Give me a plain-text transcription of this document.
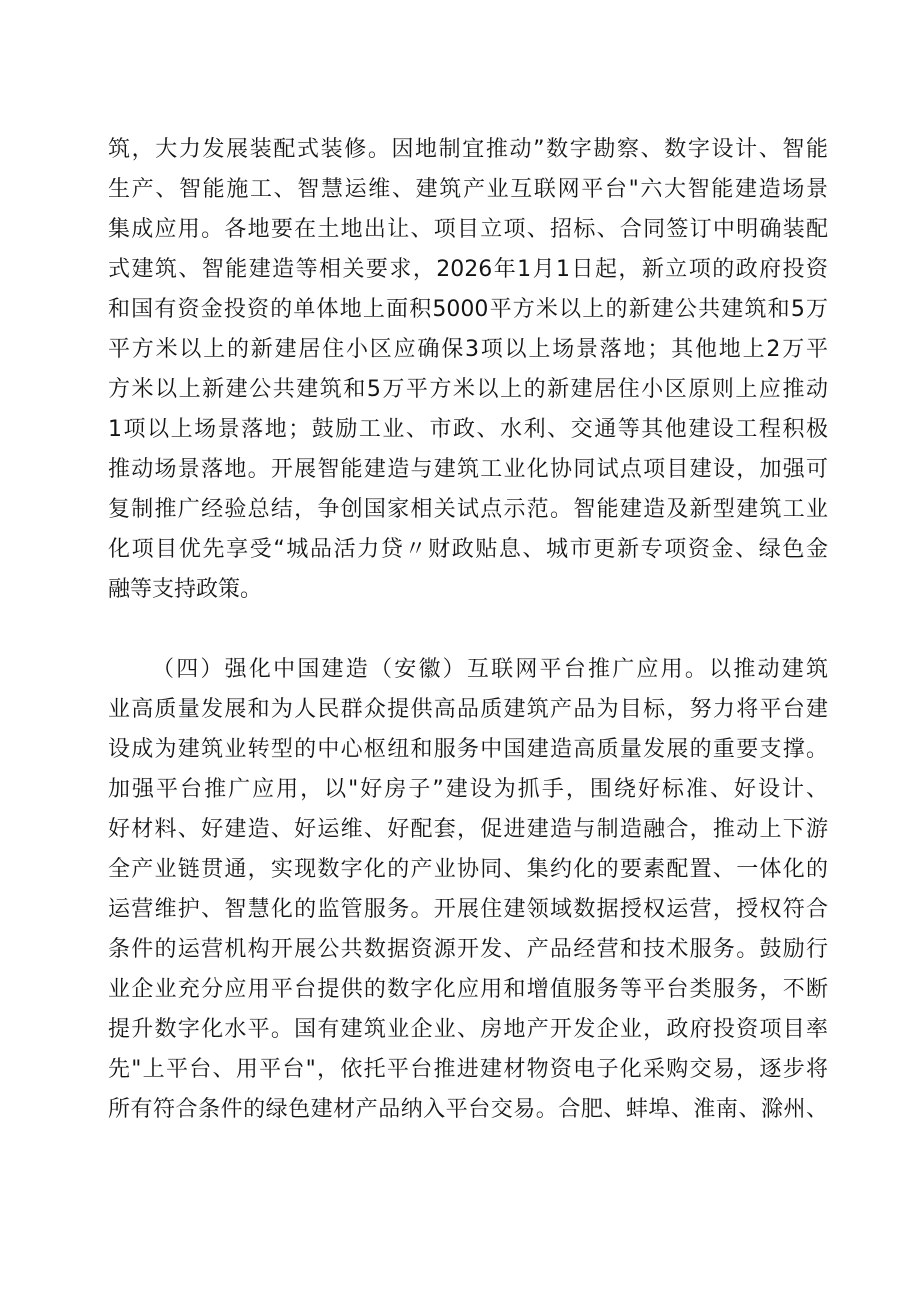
筑，大力发展装配式装修。因地制宜推动”数字勘察、数字设计、智能
生产、智能施工、智慧运维、建筑产业互联网平台"六大智能建造场景
集成应用。各地要在土地出让、项目立项、招标、合同签订中明确装配
式建筑、智能建造等相关要求，2026年1月1日起，新立项的政府投资
和国有资金投资的单体地上面积5000平方米以上的新建公共建筑和5万
平方米以上的新建居住小区应确保3项以上场景落地；其他地上2万平
方米以上新建公共建筑和5万平方米以上的新建居住小区原则上应推动
1项以上场景落地；鼓励工业、市政、水利、交通等其他建设工程积极
推动场景落地。开展智能建造与建筑工业化协同试点项目建设，加强可
复制推广经验总结，争创国家相关试点示范。智能建造及新型建筑工业
化项目优先享受“城品活力贷〃财政贴息、城市更新专项资金、绿色金
融等支持政策。
（四）强化中国建造（安徽）互联网平台推广应用。以推动建筑
业高质量发展和为人民群众提供高品质建筑产品为目标，努力将平台建
设成为建筑业转型的中心枢纽和服务中国建造高质量发展的重要支撑。
加强平台推广应用，以"好房子”建设为抓手，围绕好标准、好设计、
好材料、好建造、好运维、好配套，促进建造与制造融合，推动上下游
全产业链贯通，实现数字化的产业协同、集约化的要素配置、一体化的
运营维护、智慧化的监管服务。开展住建领域数据授权运营，授权符合
条件的运营机构开展公共数据资源开发、产品经营和技术服务。鼓励行
业企业充分应用平台提供的数字化应用和增值服务等平台类服务，不断
提升数字化水平。国有建筑业企业、房地产开发企业，政府投资项目率
先"上平台、用平台"，依托平台推进建材物资电子化采购交易，逐步将
所有符合条件的绿色建材产品纳入平台交易。合肥、蚌埠、淮南、滁州、
